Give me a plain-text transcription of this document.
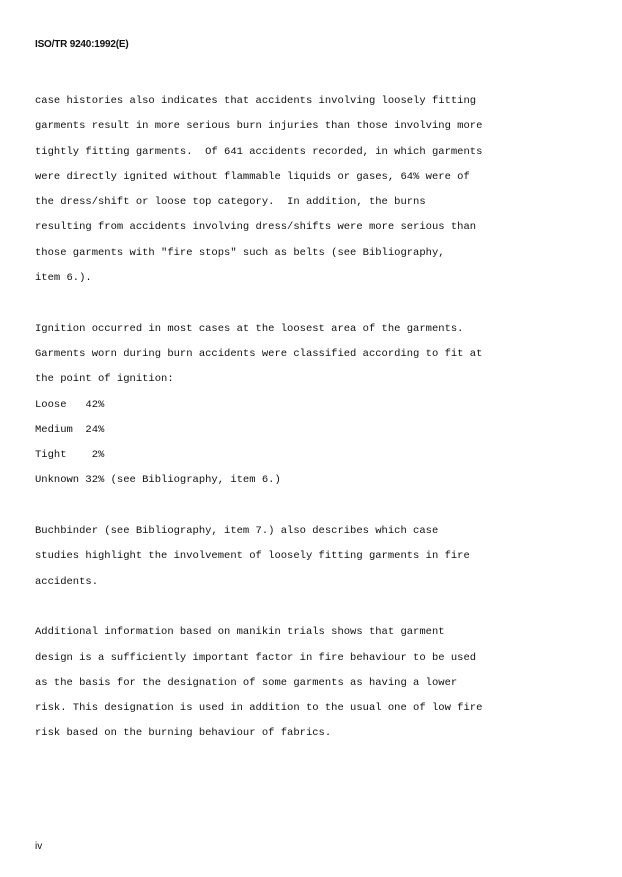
ISO/TR 9240:1992(E)
case histories also indicates that accidents involving loosely fitting
garments result in more serious burn injuries than those involving more
tightly fitting garments.  Of 641 accidents recorded, in which garments
were directly ignited without flammable liquids or gases, 64% were of
the dress/shift or loose top category.  In addition, the burns
resulting from accidents involving dress/shifts were more serious than
those garments with "fire stops" such as belts (see Bibliography,
item 6.).
Ignition occurred in most cases at the loosest area of the garments.
Garments worn during burn accidents were classified according to fit at
the point of ignition:
Loose   42%
Medium  24%
Tight    2%
Unknown 32% (see Bibliography, item 6.)
Buchbinder (see Bibliography, item 7.) also describes which case
studies highlight the involvement of loosely fitting garments in fire
accidents.
Additional information based on manikin trials shows that garment
design is a sufficiently important factor in fire behaviour to be used
as the basis for the designation of some garments as having a lower
risk. This designation is used in addition to the usual one of low fire
risk based on the burning behaviour of fabrics.
iv
